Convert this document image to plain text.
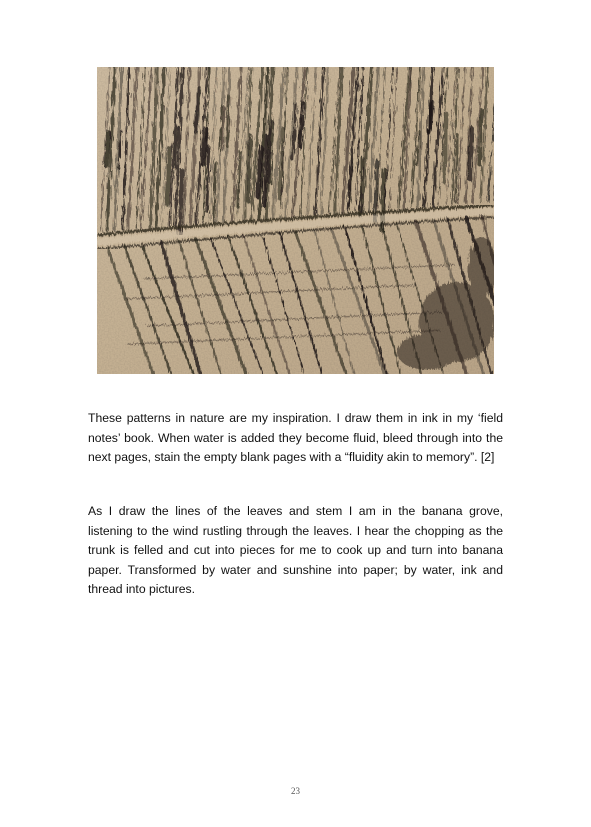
These patterns in nature are my inspiration. I draw them in ink in my ‘field notes’ book. When water is added they become fluid, bleed through into the next pages, stain the empty blank pages with a “fluidity akin to memory”. [2]

As I draw the lines of the leaves and stem I am in the banana grove, listening to the wind rustling through the leaves. I hear the chopping as the trunk is felled and cut into pieces for me to cook up and turn into banana paper. Transformed by water and sunshine into paper; by water, ink and thread into pictures.

23
